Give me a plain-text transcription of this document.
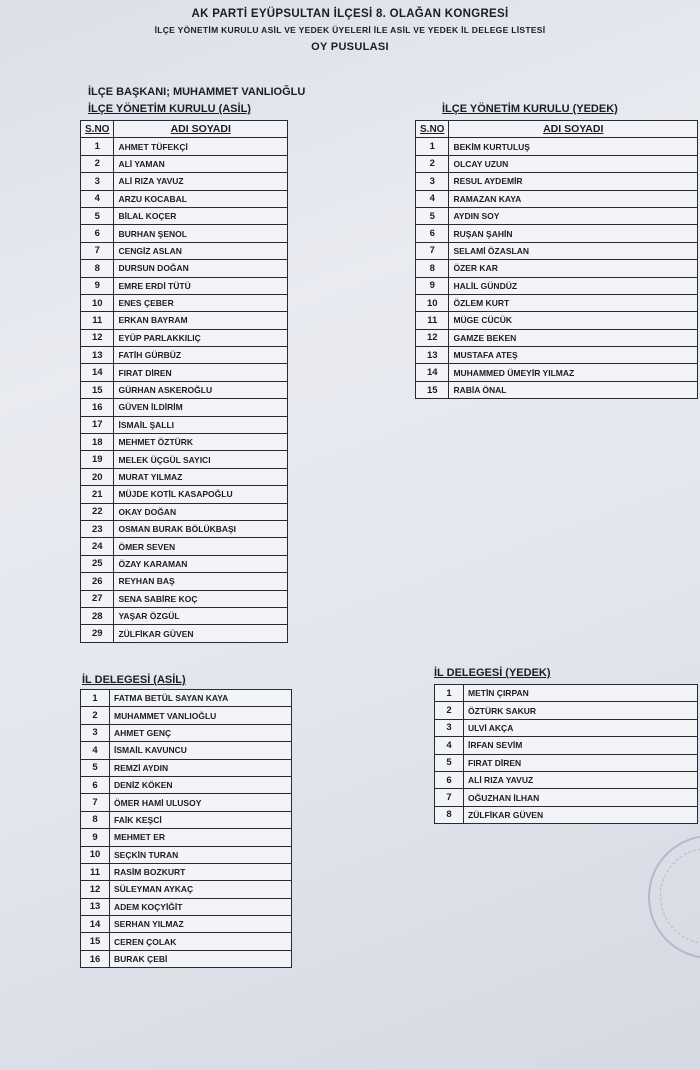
AK PARTİ EYÜPSULTAN İLÇESİ 8. OLAĞAN KONGRESİ
İLÇE YÖNETİM KURULU ASİL VE YEDEK ÜYELERİ İLE ASİL VE YEDEK İL DELEGE LİSTESİ
OY PUSULASI
İLÇE BAŞKANI; MUHAMMET VANLIOĞLU
İLÇE YÖNETİM KURULU (ASİL)
S.NO	ADI SOYADI
1	AHMET TÜFEKÇİ
2	ALİ YAMAN
3	ALİ RIZA YAVUZ
4	ARZU KOCABAL
5	BİLAL KOÇER
6	BURHAN ŞENOL
7	CENGİZ ASLAN
8	DURSUN DOĞAN
9	EMRE ERDİ TÜTÜ
10	ENES ÇEBER
11	ERKAN BAYRAM
12	EYÜP PARLAKKILIÇ
13	FATİH GÜRBÜZ
14	FIRAT DİREN
15	GÜRHAN ASKEROĞLU
16	GÜVEN İLDİRİM
17	İSMAİL ŞALLI
18	MEHMET ÖZTÜRK
19	MELEK ÜÇGÜL SAYICI
20	MURAT YILMAZ
21	MÜJDE KOTİL KASAPOĞLU
22	OKAY DOĞAN
23	OSMAN BURAK BÖLÜKBAŞI
24	ÖMER SEVEN
25	ÖZAY KARAMAN
26	REYHAN BAŞ
27	SENA SABİRE KOÇ
28	YAŞAR ÖZGÜL
29	ZÜLFİKAR GÜVEN
İLÇE YÖNETİM KURULU (YEDEK)
S.NO	ADI SOYADI
1	BEKİM KURTULUŞ
2	OLCAY UZUN
3	RESUL AYDEMİR
4	RAMAZAN KAYA
5	AYDIN SOY
6	RUŞAN ŞAHİN
7	SELAMİ ÖZASLAN
8	ÖZER KAR
9	HALİL GÜNDÜZ
10	ÖZLEM KURT
11	MÜGE CÜCÜK
12	GAMZE BEKEN
13	MUSTAFA ATEŞ
14	MUHAMMED ÜMEYİR YILMAZ
15	RABİA ÖNAL
İL DELEGESİ (ASİL)
1	FATMA BETÜL SAYAN KAYA
2	MUHAMMET VANLIOĞLU
3	AHMET GENÇ
4	İSMAİL KAVUNCU
5	REMZİ AYDIN
6	DENİZ KÖKEN
7	ÖMER HAMİ ULUSOY
8	FAİK KEŞCİ
9	MEHMET ER
10	SEÇKİN TURAN
11	RASİM BOZKURT
12	SÜLEYMAN AYKAÇ
13	ADEM KOÇYİĞİT
14	SERHAN YILMAZ
15	CEREN ÇOLAK
16	BURAK ÇEBİ
İL DELEGESİ (YEDEK)
1	METİN ÇIRPAN
2	ÖZTÜRK SAKUR
3	ULVİ AKÇA
4	İRFAN SEVİM
5	FIRAT DİREN
6	ALİ RIZA YAVUZ
7	OĞUZHAN İLHAN
8	ZÜLFİKAR GÜVEN
